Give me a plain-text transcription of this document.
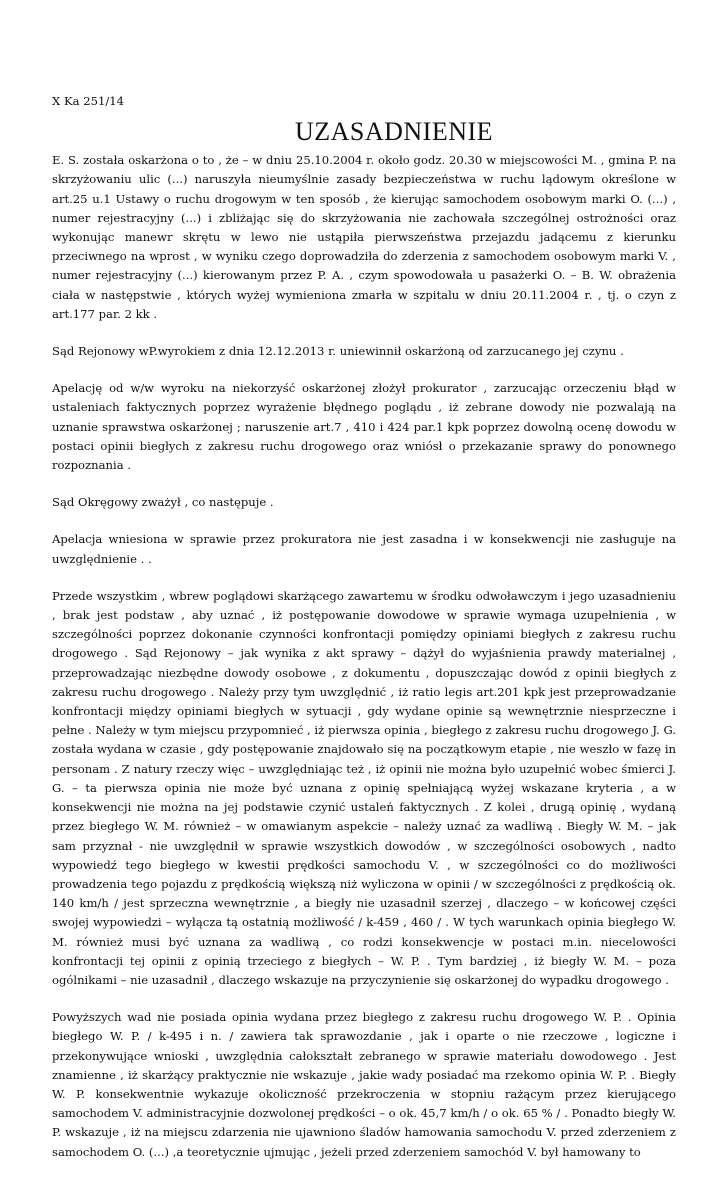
X Ka 251/14
UZASADNIENIE

E. S. została oskarżona o to , że – w dniu 25.10.2004 r. około godz. 20.30 w miejscowości M. , gmina P. na skrzyżowaniu ulic (...) naruszyła nieumyślnie zasady bezpieczeństwa w ruchu lądowym określone w art.25 u.1 Ustawy o ruchu drogowym w ten sposób , że kierując samochodem osobowym marki O. (...) , numer rejestracyjny (...) i zbliżając się do skrzyżowania nie zachowała szczególnej ostrożności oraz wykonując manewr skrętu w lewo nie ustąpiła pierwszeństwa przejazdu jadącemu z kierunku przeciwnego na wprost , w wyniku czego doprowadziła do zderzenia z samochodem osobowym marki V. , numer rejestracyjny (...) kierowanym przez P. A. , czym spowodowała u pasażerki O. – B. W. obrażenia ciała w następstwie , których wyżej wymieniona zmarła w szpitalu w dniu 20.11.2004 r. , tj. o czyn z art.177 par. 2 kk .

Sąd Rejonowy wP.wyrokiem z dnia 12.12.2013 r. uniewinnił oskarżoną od zarzucanego jej czynu .

Apelację od w/w wyroku na niekorzyść oskarżonej złożył prokurator , zarzucając orzeczeniu błąd w ustaleniach faktycznych poprzez wyrażenie błędnego poglądu , iż zebrane dowody nie pozwalają na uznanie sprawstwa oskarżonej ; naruszenie art.7 , 410 i 424 par.1 kpk poprzez dowolną ocenę dowodu w postaci opinii biegłych z zakresu ruchu drogowego oraz wniósł o przekazanie sprawy do ponownego rozpoznania .

Sąd Okręgowy zważył , co następuje .

Apelacja wniesiona w sprawie przez prokuratora nie jest zasadna i w konsekwencji nie zasługuje na uwzględnienie . .

Przede wszystkim , wbrew poglądowi skarżącego zawartemu w środku odwoławczym i jego uzasadnieniu , brak jest podstaw , aby uznać , iż postępowanie dowodowe w sprawie wymaga uzupełnienia , w szczególności poprzez dokonanie czynności konfrontacji pomiędzy opiniami biegłych z zakresu ruchu drogowego . Sąd Rejonowy – jak wynika z akt sprawy – dążył do wyjaśnienia prawdy materialnej , przeprowadzając niezbędne dowody osobowe , z dokumentu , dopuszczając dowód z opinii biegłych z zakresu ruchu drogowego . Należy przy tym uwzględnić , iż ratio legis art.201 kpk jest przeprowadzanie konfrontacji między opiniami biegłych w sytuacji , gdy wydane opinie są wewnętrznie niesprzeczne i pełne . Należy w tym miejscu przypomnieć , iż pierwsza opinia , biegłego z zakresu ruchu drogowego J. G. została wydana w czasie , gdy postępowanie znajdowało się na początkowym etapie , nie weszło w fazę in personam . Z natury rzeczy więc – uwzględniając też , iż opinii nie można było uzupełnić wobec śmierci J. G. – ta pierwsza opinia nie może być uznana z opinię spełniającą wyżej wskazane kryteria , a w konsekwencji nie można na jej podstawie czynić ustaleń faktycznych . Z kolei , drugą opinię , wydaną przez biegłego W. M. również – w omawianym aspekcie – należy uznać za wadliwą . Biegły W. M. – jak sam przyznał - nie uwzględnił w sprawie wszystkich dowodów , w szczególności osobowych , nadto wypowiedź tego biegłego w kwestii prędkości samochodu V. , w szczególności co do możliwości prowadzenia tego pojazdu z prędkością większą niż wyliczona w opinii / w szczególności z prędkością ok. 140 km/h / jest sprzeczna wewnętrznie , a biegły nie uzasadnił szerzej , dlaczego – w końcowej części swojej wypowiedzi – wyłącza tą ostatnią możliwość / k-459 , 460 / . W tych warunkach opinia biegłego W. M. również musi być uznana za wadliwą , co rodzi konsekwencje w postaci m.in. niecelowości konfrontacji tej opinii z opinią trzeciego z biegłych – W. P. . Tym bardziej , iż biegły W. M. – poza ogólnikami – nie uzasadnił , dlaczego wskazuje na przyczynienie się oskarżonej do wypadku drogowego .

Powyższych wad nie posiada opinia wydana przez biegłego z zakresu ruchu drogowego W. P. . Opinia biegłego W. P. / k-495 i n. / zawiera tak sprawozdanie , jak i oparte o nie rzeczowe , logiczne i przekonywujące wnioski , uwzględnia całokształt zebranego w sprawie materiału dowodowego . Jest znamienne , iż skarżący praktycznie nie wskazuje , jakie wady posiadać ma rzekomo opinia W. P. . Biegły W. P. konsekwentnie wykazuje okoliczność przekroczenia w stopniu rażącym przez kierującego samochodem V. administracyjnie dozwolonej prędkości – o ok. 45,7 km/h / o ok. 65 % / . Ponadto biegły W. P. wskazuje , iż na miejscu zdarzenia nie ujawniono śladów hamowania samochodu V. przed zderzeniem z samochodem O. (...) ,a teoretycznie ujmując , jeżeli przed zderzeniem samochód V. był hamowany to
